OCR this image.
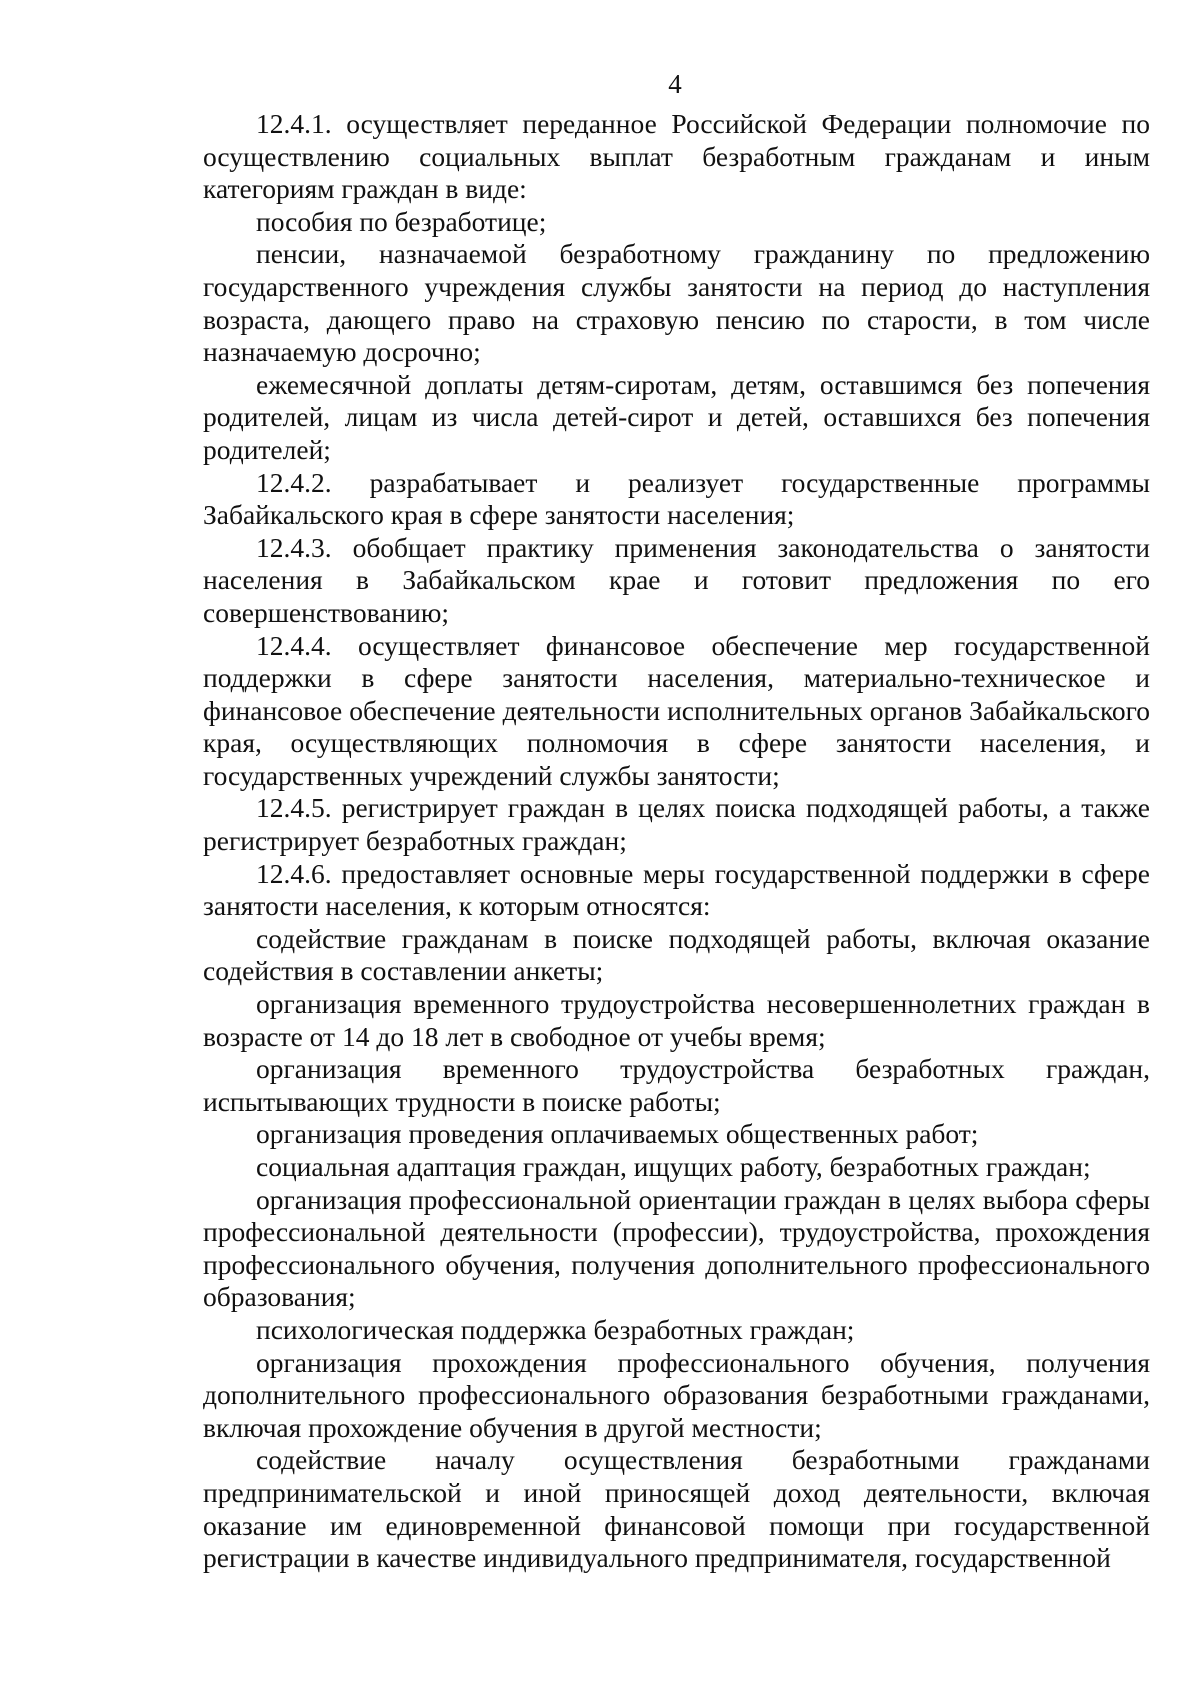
4

12.4.1. осуществляет переданное Российской Федерации полномочие по осуществлению социальных выплат безработным гражданам и иным категориям граждан в виде:

пособия по безработице;

пенсии, назначаемой безработному гражданину по предложению государственного учреждения службы занятости на период до наступления возраста, дающего право на страховую пенсию по старости, в том числе назначаемую досрочно;

ежемесячной доплаты детям-сиротам, детям, оставшимся без попечения родителей, лицам из числа детей-сирот и детей, оставшихся без попечения родителей;

12.4.2. разрабатывает и реализует государственные программы Забайкальского края в сфере занятости населения;

12.4.3. обобщает практику применения законодательства о занятости населения в Забайкальском крае и готовит предложения по его совершенствованию;

12.4.4. осуществляет финансовое обеспечение мер государственной поддержки в сфере занятости населения, материально-техническое и финансовое обеспечение деятельности исполнительных органов Забайкальского края, осуществляющих полномочия в сфере занятости населения, и государственных учреждений службы занятости;

12.4.5. регистрирует граждан в целях поиска подходящей работы, а также регистрирует безработных граждан;

12.4.6. предоставляет основные меры государственной поддержки в сфере занятости населения, к которым относятся:

содействие гражданам в поиске подходящей работы, включая оказание содействия в составлении анкеты;

организация временного трудоустройства несовершеннолетних граждан в возрасте от 14 до 18 лет в свободное от учебы время;

организация временного трудоустройства безработных граждан, испытывающих трудности в поиске работы;

организация проведения оплачиваемых общественных работ;

социальная адаптация граждан, ищущих работу, безработных граждан;

организация профессиональной ориентации граждан в целях выбора сферы профессиональной деятельности (профессии), трудоустройства, прохождения профессионального обучения, получения дополнительного профессионального образования;

психологическая поддержка безработных граждан;

организация прохождения профессионального обучения, получения дополнительного профессионального образования безработными гражданами, включая прохождение обучения в другой местности;

содействие началу осуществления безработными гражданами предпринимательской и иной приносящей доход деятельности, включая оказание им единовременной финансовой помощи при государственной регистрации в качестве индивидуального предпринимателя, государственной
